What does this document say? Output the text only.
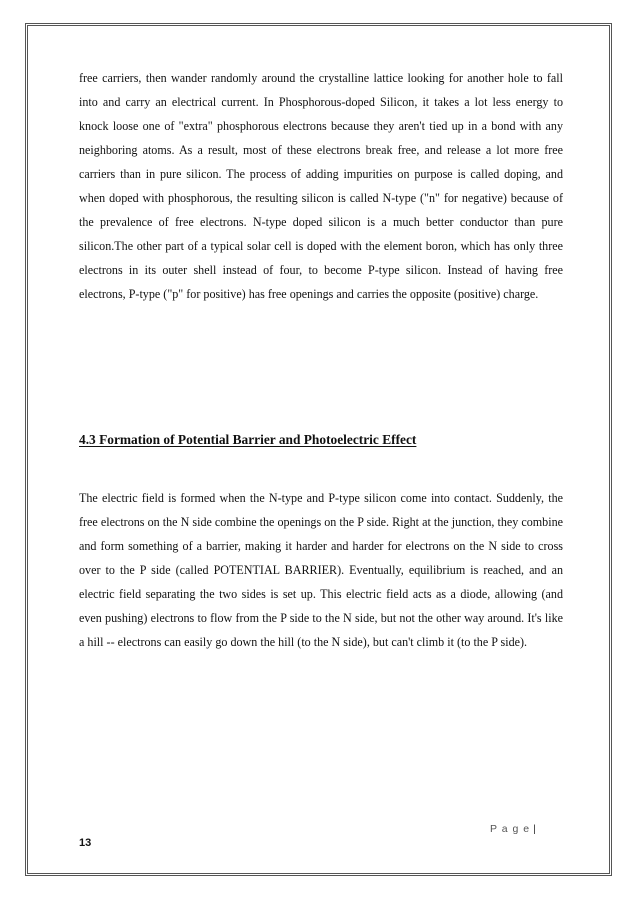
free carriers, then wander randomly around the crystalline lattice looking for another hole to fall into and carry an electrical current. In Phosphorous-doped Silicon, it takes a lot less energy to knock loose one of "extra" phosphorous electrons because they aren't tied up in a bond with any neighboring atoms. As a result, most of these electrons break free, and release a lot more free carriers than in pure silicon. The process of adding impurities on purpose is called doping, and when doped with phosphorous, the resulting silicon is called N-type ("n" for negative) because of the prevalence of free electrons. N-type doped silicon is a much better conductor than pure silicon.The other part of a typical solar cell is doped with the element boron, which has only three electrons in its outer shell instead of four, to become P-type silicon. Instead of having free electrons, P-type ("p" for positive) has free openings and carries the opposite (positive) charge.

4.3 Formation of Potential Barrier and Photoelectric Effect

The electric field is formed when the N-type and P-type silicon come into contact. Suddenly, the free electrons on the N side combine the openings on the P side. Right at the junction, they combine and form something of a barrier, making it harder and harder for electrons on the N side to cross over to the P side (called POTENTIAL BARRIER). Eventually, equilibrium is reached, and an electric field separating the two sides is set up. This electric field acts as a diode, allowing (and even pushing) electrons to flow from the P side to the N side, but not the other way around. It's like a hill -- electrons can easily go down the hill (to the N side), but can't climb it (to the P side).

P a g e |
13
